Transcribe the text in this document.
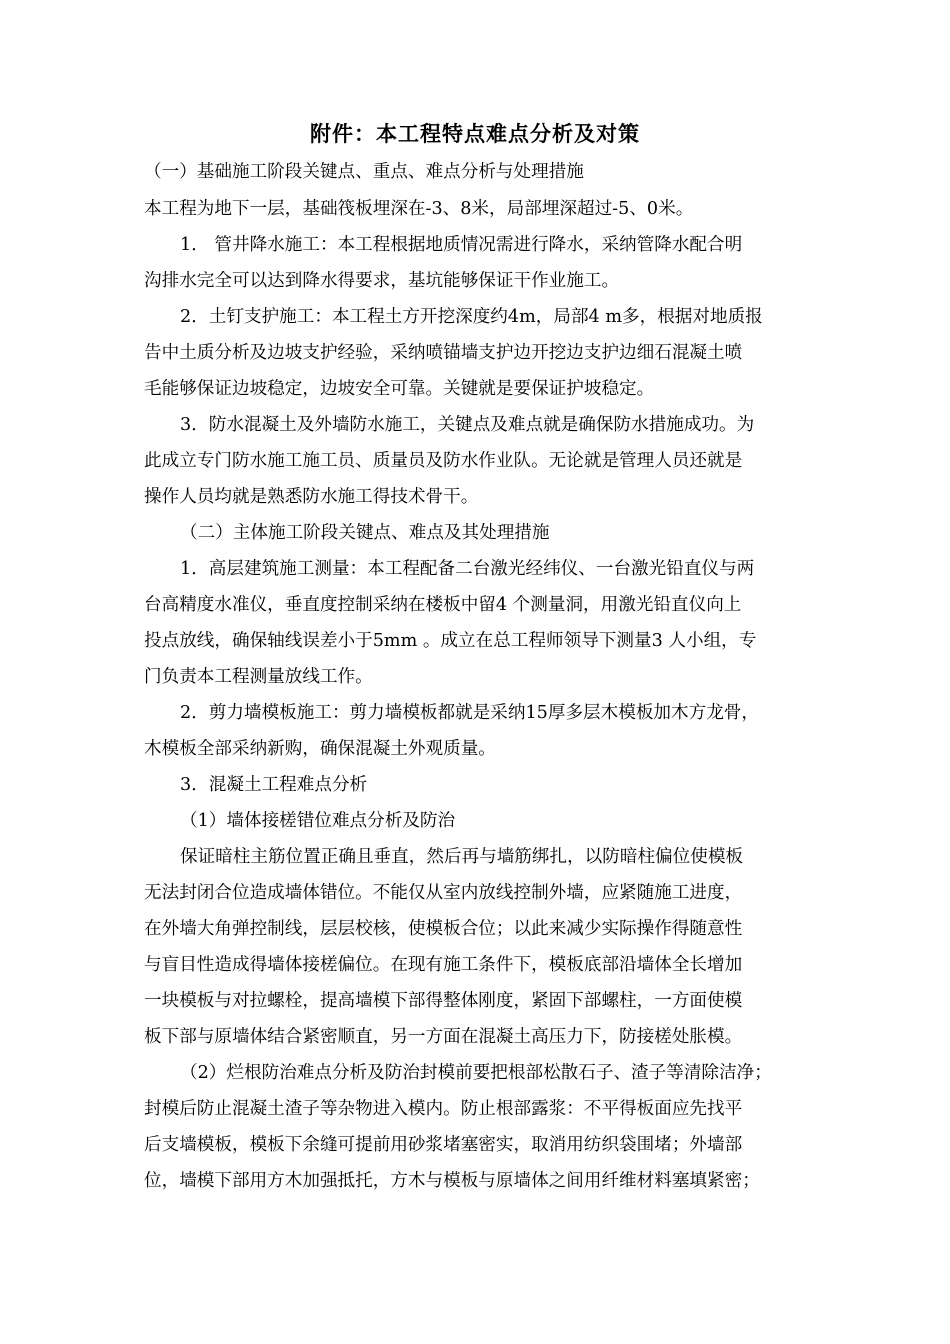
附件：本工程特点难点分析及对策
（一）基础施工阶段关键点、重点、难点分析与处理措施
本工程为地下一层，基础筏板埋深在-3、8米，局部埋深超过-5、0米。
1． 管井降水施工：本工程根据地质情况需进行降水，采纳管降水配合明
沟排水完全可以达到降水得要求，基坑能够保证干作业施工。
2．土钉支护施工：本工程土方开挖深度约4m，局部4 m多，根据对地质报
告中土质分析及边坡支护经验，采纳喷锚墙支护边开挖边支护边细石混凝土喷
毛能够保证边坡稳定，边坡安全可靠。关键就是要保证护坡稳定。
3．防水混凝土及外墙防水施工，关键点及难点就是确保防水措施成功。为
此成立专门防水施工施工员、质量员及防水作业队。无论就是管理人员还就是
操作人员均就是熟悉防水施工得技术骨干。
（二）主体施工阶段关键点、难点及其处理措施
1．高层建筑施工测量：本工程配备二台激光经纬仪、一台激光铅直仪与两
台高精度水准仪，垂直度控制采纳在楼板中留4 个测量洞，用激光铅直仪向上
投点放线，确保轴线误差小于5mm 。成立在总工程师领导下测量3 人小组，专
门负责本工程测量放线工作。
2．剪力墙模板施工：剪力墙模板都就是采纳15厚多层木模板加木方龙骨，
木模板全部采纳新购，确保混凝土外观质量。
3．混凝土工程难点分析
（1）墙体接槎错位难点分析及防治
保证暗柱主筋位置正确且垂直，然后再与墙筋绑扎，以防暗柱偏位使模板
无法封闭合位造成墙体错位。不能仅从室内放线控制外墙，应紧随施工进度，
在外墙大角弹控制线，层层校核，使模板合位；以此来减少实际操作得随意性
与盲目性造成得墙体接槎偏位。在现有施工条件下，模板底部沿墙体全长增加
一块模板与对拉螺栓，提高墙模下部得整体刚度，紧固下部螺柱，一方面使模
板下部与原墙体结合紧密顺直，另一方面在混凝土高压力下，防接槎处胀模。
（2）烂根防治难点分析及防治封模前要把根部松散石子、渣子等清除洁净；
封模后防止混凝土渣子等杂物进入模内。防止根部露浆：不平得板面应先找平
后支墙模板，模板下余缝可提前用砂浆堵塞密实，取消用纺织袋围堵；外墙部
位，墙模下部用方木加强抵托，方木与模板与原墙体之间用纤维材料塞填紧密；
